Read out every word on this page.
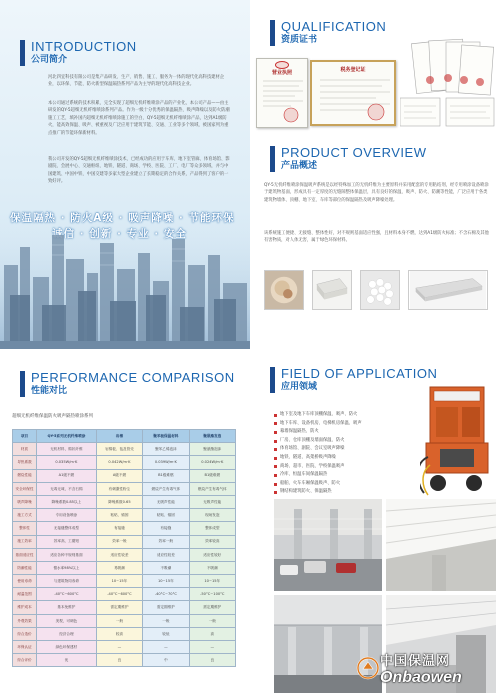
INTRODUCTION
公司简介
河北四宜科技有限公司是集产品研发、生产、销售、施工、服务为一体的现代化高科技建材企业，以环保、节能、防火新型保温隔热系列产品为主导的现代化高科技企业。
本公司通过系统的技术积累，完全实现了超细无机纤维喷涂产品的产业化，本公司产品——由主研发的QY-5超细无机纤维喷涂系列产品。作为一级十分优秀的保温隔热、吸声降噪以及防火防潮施工工艺，填补国内超细无机纤维喷涂施工的空白，QY-5超细无机纤维喷涂产品，达到A1级防火，能高效保温、吸声、被重视及广泛应用于建筑节能、交通、工业等多个领域，被国家列为重点推广的节能环保新材料。
我公司开发的QY-5超细无机纤维喷涂技术，已经成功的应用于车库、地下室管廊、体育场馆、影剧院、会展中心、交通枢纽、地铁、隧道、商场、学校、医院、工厂、电厂等众多领域，并与中国建筑、中国中铁、中国交建等多家大型企业建立了长期稳定的合作关系，产品得到了客户的一致好评。
保温隔热 · 防火A级 · 吸声降噪 · 节能环保
QUALIFICATION
资质证书
营业执照	税务登记证
PRODUCT OVERVIEW
产品概述
QY-5无机纤维喷涂保温吸声系统是以经特殊加工的无机纤维为主要原料并采用配套的专用粘结剂，经专用喷涂设备喷涂于建筑物基面，形成具有一定厚度的无缝隙整体保温层，具有良好的保温、吸声、防火、防潮等性能，广泛应用于各类建筑物墙体、顶棚、地下室、车库等部位的保温隔热及吸声降噪处理。
该系统施工便捷、无接缝、整体性好，对不规则基面适应性强，且材料本身不燃，达到A1级防火标准；不含石棉及其他有害物质，对人体无害，属于绿色环保材料。
PERFORMANCE COMPARISON
性能对比
超细无机纤维保温防火吸声隔热喷涂系列
项目	QY-5系列无机纤维喷涂	岩棉	聚苯板保温材料	聚氨酯发泡
材质	无机材料，棉状纤维	岩棉板、毡及管壳	聚苯乙烯泡沫	聚氨酯泡沫
导热系数	0.035W/m·K	0.042W/m·K	0.039W/m·K	0.024W/m·K
燃烧性能	A1级不燃	A级不燃	B1级难燃	B1级难燃
安全环保性	无毒无味，不含石棉	有刺激性粉尘	燃烧产生有毒气体	燃烧产生有毒气体
吸声降噪	降噪系数0.85以上	降噪系数0.65	无吸声性能	无吸声性能
施工方式	专用设备喷涂	粘贴、锚固	粘贴、锚固	现场发泡
整体性	无接缝整体成型	有接缝	有接缝	整体成型
施工效率	效率高、工期短	效率一般	效率一般	效率较高
基面适应性	适应各种不规则基面	适应性较差	适应性较差	适应性较好
防潮性能	憎水率98%以上	易吸潮	不吸潮	不吸潮
使用寿命	与建筑物同寿命	10~15年	10~15年	10~15年
耐温范围	-40°C~600°C	-40°C~600°C	-40°C~70°C	-50°C~100°C
维护成本	基本免维护	需定期维护	需定期维护	需定期维护
外观效果	美观，可调色	一般	一般	一般
综合造价	经济合理	较高	较低	高
环保认证	绿色环保建材	—	—	—
综合评价	优	良	中	良
FIELD OF APPLICATION
应用领域
地下室及地下车库顶棚保温、吸声、防火
地下车库、设备机房、电梯机房保温、吸声
幕墙保温隔热、防火
厂房、仓库顶棚及墙面保温、防火
体育场馆、剧院、会议室吸声降噪
地铁、隧道、高架桥吸声降噪
商场、超市、医院、学校保温吸声
冷库、恒温车间保温隔热
船舶、火车车厢保温吸声、防火
钢结构建筑防火、保温隔热
中国保温网
Onbaowen
